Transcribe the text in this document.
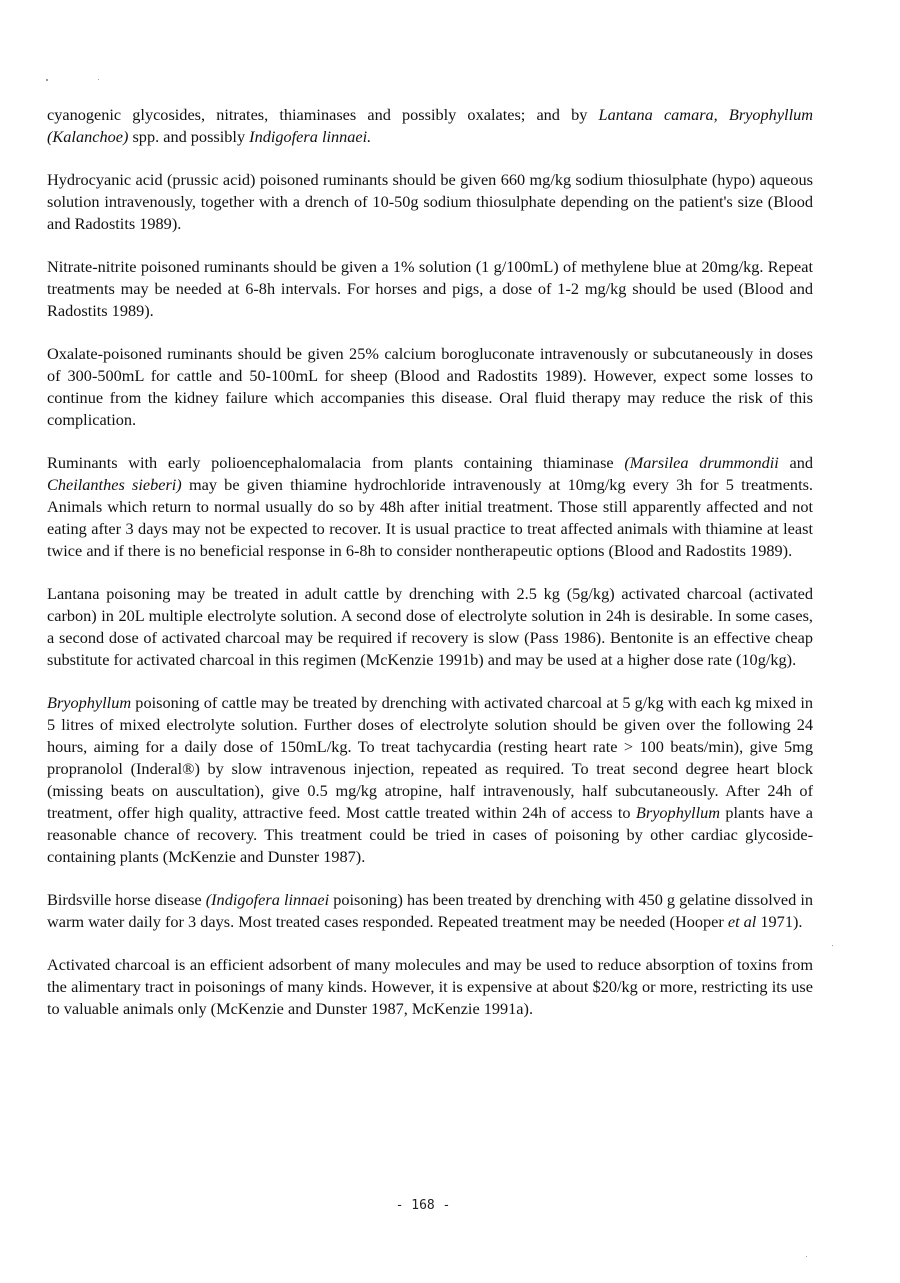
cyanogenic glycosides, nitrates, thiaminases and possibly oxalates; and by Lantana camara, Bryophyllum (Kalanchoe) spp. and possibly Indigofera linnaei.

Hydrocyanic acid (prussic acid) poisoned ruminants should be given 660 mg/kg sodium thiosulphate (hypo) aqueous solution intravenously, together with a drench of 10-50g sodium thiosulphate depending on the patient's size (Blood and Radostits 1989).

Nitrate-nitrite poisoned ruminants should be given a 1% solution (1 g/100mL) of methylene blue at 20mg/kg. Repeat treatments may be needed at 6-8h intervals. For horses and pigs, a dose of 1-2 mg/kg should be used (Blood and Radostits 1989).

Oxalate-poisoned ruminants should be given 25% calcium borogluconate intravenously or subcutaneously in doses of 300-500mL for cattle and 50-100mL for sheep (Blood and Radostits 1989). However, expect some losses to continue from the kidney failure which accompanies this disease. Oral fluid therapy may reduce the risk of this complication.

Ruminants with early polioencephalomalacia from plants containing thiaminase (Marsilea drummondii and Cheilanthes sieberi) may be given thiamine hydrochloride intravenously at 10mg/kg every 3h for 5 treatments. Animals which return to normal usually do so by 48h after initial treatment. Those still apparently affected and not eating after 3 days may not be expected to recover. It is usual practice to treat affected animals with thiamine at least twice and if there is no beneficial response in 6-8h to consider nontherapeutic options (Blood and Radostits 1989).

Lantana poisoning may be treated in adult cattle by drenching with 2.5 kg (5g/kg) activated charcoal (activated carbon) in 20L multiple electrolyte solution. A second dose of electrolyte solution in 24h is desirable. In some cases, a second dose of activated charcoal may be required if recovery is slow (Pass 1986). Bentonite is an effective cheap substitute for activated charcoal in this regimen (McKenzie 1991b) and may be used at a higher dose rate (10g/kg).

Bryophyllum poisoning of cattle may be treated by drenching with activated charcoal at 5 g/kg with each kg mixed in 5 litres of mixed electrolyte solution. Further doses of electrolyte solution should be given over the following 24 hours, aiming for a daily dose of 150mL/kg. To treat tachycardia (resting heart rate > 100 beats/min), give 5mg propranolol (Inderal®) by slow intravenous injection, repeated as required. To treat second degree heart block (missing beats on auscultation), give 0.5 mg/kg atropine, half intravenously, half subcutaneously. After 24h of treatment, offer high quality, attractive feed. Most cattle treated within 24h of access to Bryophyllum plants have a reasonable chance of recovery. This treatment could be tried in cases of poisoning by other cardiac glycoside-containing plants (McKenzie and Dunster 1987).

Birdsville horse disease (Indigofera linnaei poisoning) has been treated by drenching with 450 g gelatine dissolved in warm water daily for 3 days. Most treated cases responded. Repeated treatment may be needed (Hooper et al 1971).

Activated charcoal is an efficient adsorbent of many molecules and may be used to reduce absorption of toxins from the alimentary tract in poisonings of many kinds. However, it is expensive at about $20/kg or more, restricting its use to valuable animals only (McKenzie and Dunster 1987, McKenzie 1991a).

- 168 -
